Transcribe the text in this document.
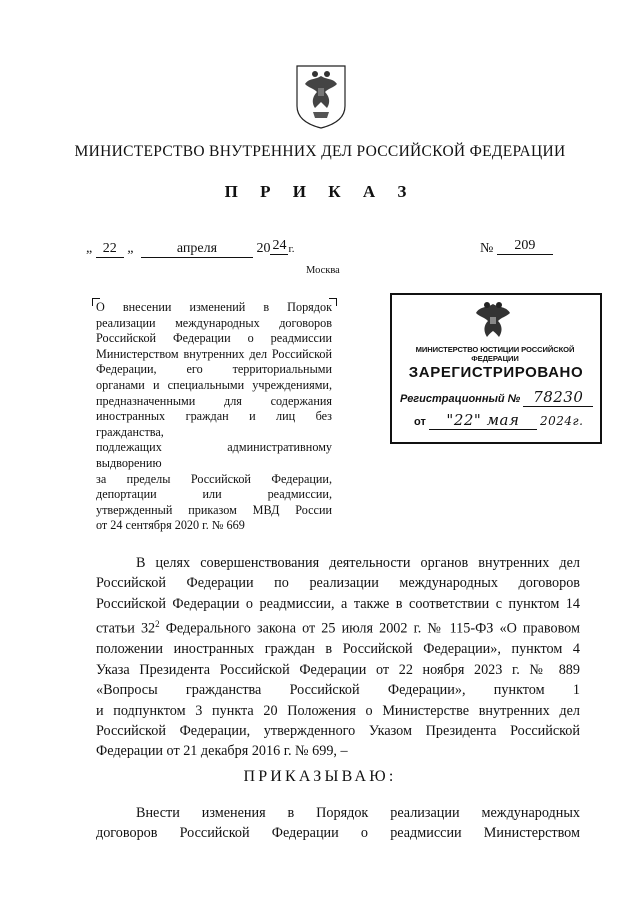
МИНИСТЕРСТВО ВНУТРЕННИХ ДЕЛ РОССИЙСКОЙ ФЕДЕРАЦИИ
П Р И К А З
„ 22 „	апреля	20 24 г.	№ 209
Москва

О внесении изменений в Порядок

реализации международных договоров

Российской Федерации о реадмиссии

Министерством внутренних дел Российской

Федерации, его территориальными

органами и специальными учреждениями,

предназначенными для содержания

иностранных граждан и лиц без гражданства,

подлежащих административному выдворению

за пределы Российской Федерации,

депортации или реадмиссии,

утвержденный приказом МВД России

от 24 сентября 2020 г. № 669

МИНИСТЕРСТВО ЮСТИЦИИ РОССИЙСКОЙ ФЕДЕРАЦИИ
ЗАРЕГИСТРИРОВАНО
Регистрационный № 78230
от "22" мая 2024г.
В целях совершенствования деятельности органов внутренних дел
Российской Федерации по реализации международных договоров
Российской Федерации о реадмиссии, а также в соответствии с пунктом 14
статьи $32^2$ Федерального закона от 25 июля 2002 г. № 115-ФЗ «О правовом
положении иностранных граждан в Российской Федерации», пунктом 4
Указа Президента Российской Федерации от 22 ноября 2023 г. № 889
«Вопросы гражданства Российской Федерации», пунктом 1
и подпунктом 3 пункта 20 Положения о Министерстве внутренних дел
Российской Федерации, утвержденного Указом Президента Российской
Федерации от 21 декабря 2016 г. № 699, –
ПРИКАЗЫВАЮ:
Внести изменения в Порядок реализации международных
договоров Российской Федерации о реадмиссии Министерством
